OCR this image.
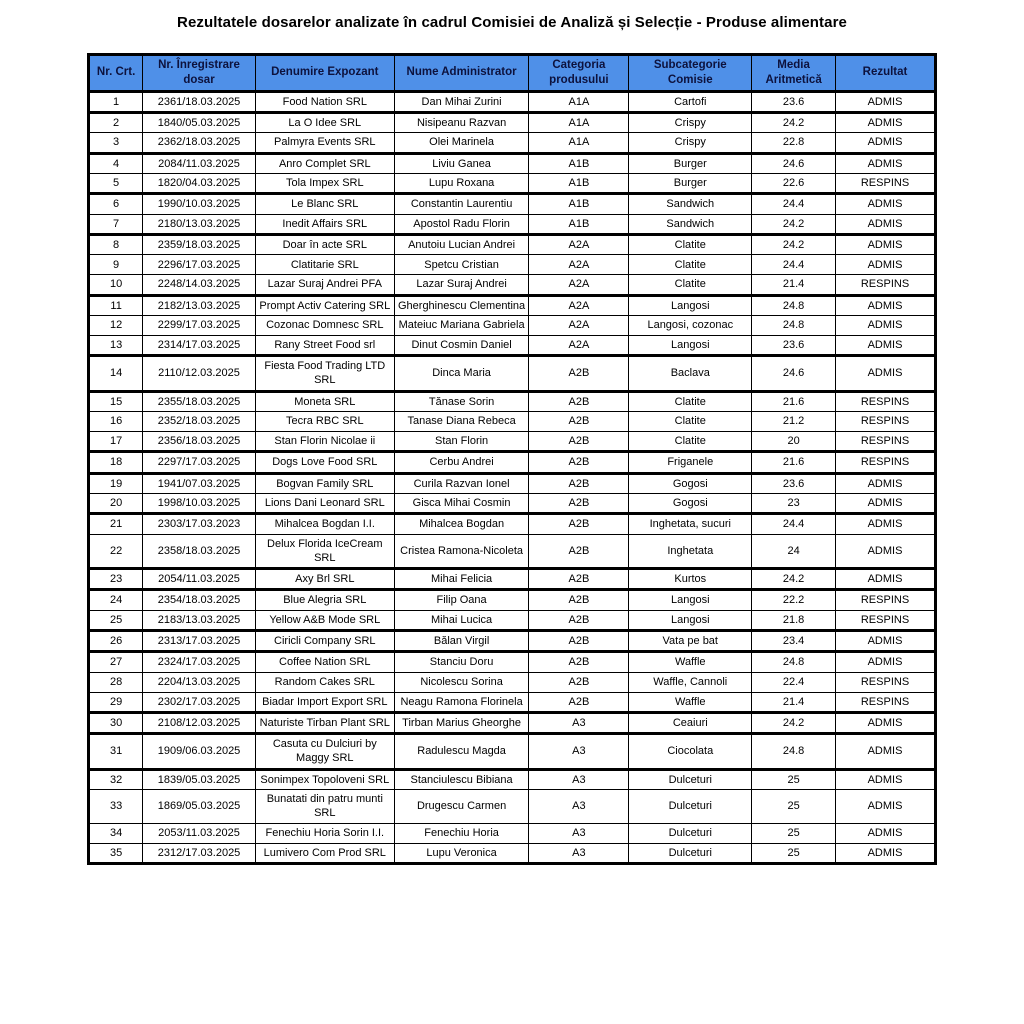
Rezultatele dosarelor analizate în cadrul Comisiei de Analiză și Selecție - Produse alimentare
Nr. Crt.	Nr. Înregistrare dosar	Denumire Expozant	Nume Administrator	Categoria produsului	Subcategorie Comisie	Media Aritmetică	Rezultat
1	2361/18.03.2025	Food Nation SRL	Dan Mihai Zurini	A1A	Cartofi	23.6	ADMIS
2	1840/05.03.2025	La O Idee SRL	Nisipeanu Razvan	A1A	Crispy	24.2	ADMIS
3	2362/18.03.2025	Palmyra Events SRL	Olei Marinela	A1A	Crispy	22.8	ADMIS
4	2084/11.03.2025	Anro Complet SRL	Liviu Ganea	A1B	Burger	24.6	ADMIS
5	1820/04.03.2025	Tola Impex SRL	Lupu Roxana	A1B	Burger	22.6	RESPINS
6	1990/10.03.2025	Le Blanc SRL	Constantin Laurentiu	A1B	Sandwich	24.4	ADMIS
7	2180/13.03.2025	Inedit Affairs SRL	Apostol Radu Florin	A1B	Sandwich	24.2	ADMIS
8	2359/18.03.2025	Doar în acte SRL	Anutoiu Lucian Andrei	A2A	Clatite	24.2	ADMIS
9	2296/17.03.2025	Clatitarie SRL	Spetcu Cristian	A2A	Clatite	24.4	ADMIS
10	2248/14.03.2025	Lazar Suraj Andrei PFA	Lazar Suraj Andrei	A2A	Clatite	21.4	RESPINS
11	2182/13.03.2025	Prompt Activ Catering SRL	Gherghinescu Clementina	A2A	Langosi	24.8	ADMIS
12	2299/17.03.2025	Cozonac Domnesc SRL	Mateiuc Mariana Gabriela	A2A	Langosi, cozonac	24.8	ADMIS
13	2314/17.03.2025	Rany Street Food srl	Dinut Cosmin Daniel	A2A	Langosi	23.6	ADMIS
14	2110/12.03.2025	Fiesta Food Trading LTD SRL	Dinca Maria	A2B	Baclava	24.6	ADMIS
15	2355/18.03.2025	Moneta SRL	Tănase Sorin	A2B	Clatite	21.6	RESPINS
16	2352/18.03.2025	Tecra RBC SRL	Tanase Diana Rebeca	A2B	Clatite	21.2	RESPINS
17	2356/18.03.2025	Stan Florin Nicolae ii	Stan Florin	A2B	Clatite	20	RESPINS
18	2297/17.03.2025	Dogs Love Food SRL	Cerbu Andrei	A2B	Friganele	21.6	RESPINS
19	1941/07.03.2025	Bogvan Family SRL	Curila Razvan Ionel	A2B	Gogosi	23.6	ADMIS
20	1998/10.03.2025	Lions Dani Leonard SRL	Gisca Mihai Cosmin	A2B	Gogosi	23	ADMIS
21	2303/17.03.2023	Mihalcea Bogdan I.I.	Mihalcea Bogdan	A2B	Inghetata, sucuri	24.4	ADMIS
22	2358/18.03.2025	Delux Florida IceCream SRL	Cristea Ramona-Nicoleta	A2B	Inghetata	24	ADMIS
23	2054/11.03.2025	Axy Brl SRL	Mihai Felicia	A2B	Kurtos	24.2	ADMIS
24	2354/18.03.2025	Blue Alegria SRL	Filip Oana	A2B	Langosi	22.2	RESPINS
25	2183/13.03.2025	Yellow A&B Mode SRL	Mihai Lucica	A2B	Langosi	21.8	RESPINS
26	2313/17.03.2025	Ciricli Company SRL	Bălan Virgil	A2B	Vata pe bat	23.4	ADMIS
27	2324/17.03.2025	Coffee Nation SRL	Stanciu Doru	A2B	Waffle	24.8	ADMIS
28	2204/13.03.2025	Random Cakes SRL	Nicolescu Sorina	A2B	Waffle, Cannoli	22.4	RESPINS
29	2302/17.03.2025	Biadar Import Export SRL	Neagu Ramona Florinela	A2B	Waffle	21.4	RESPINS
30	2108/12.03.2025	Naturiste Tirban Plant SRL	Tirban Marius Gheorghe	A3	Ceaiuri	24.2	ADMIS
31	1909/06.03.2025	Casuta cu Dulciuri by Maggy SRL	Radulescu Magda	A3	Ciocolata	24.8	ADMIS
32	1839/05.03.2025	Sonimpex Topoloveni SRL	Stanciulescu Bibiana	A3	Dulceturi	25	ADMIS
33	1869/05.03.2025	Bunatati din patru munti SRL	Drugescu Carmen	A3	Dulceturi	25	ADMIS
34	2053/11.03.2025	Fenechiu Horia Sorin I.I.	Fenechiu Horia	A3	Dulceturi	25	ADMIS
35	2312/17.03.2025	Lumivero Com Prod SRL	Lupu Veronica	A3	Dulceturi	25	ADMIS
